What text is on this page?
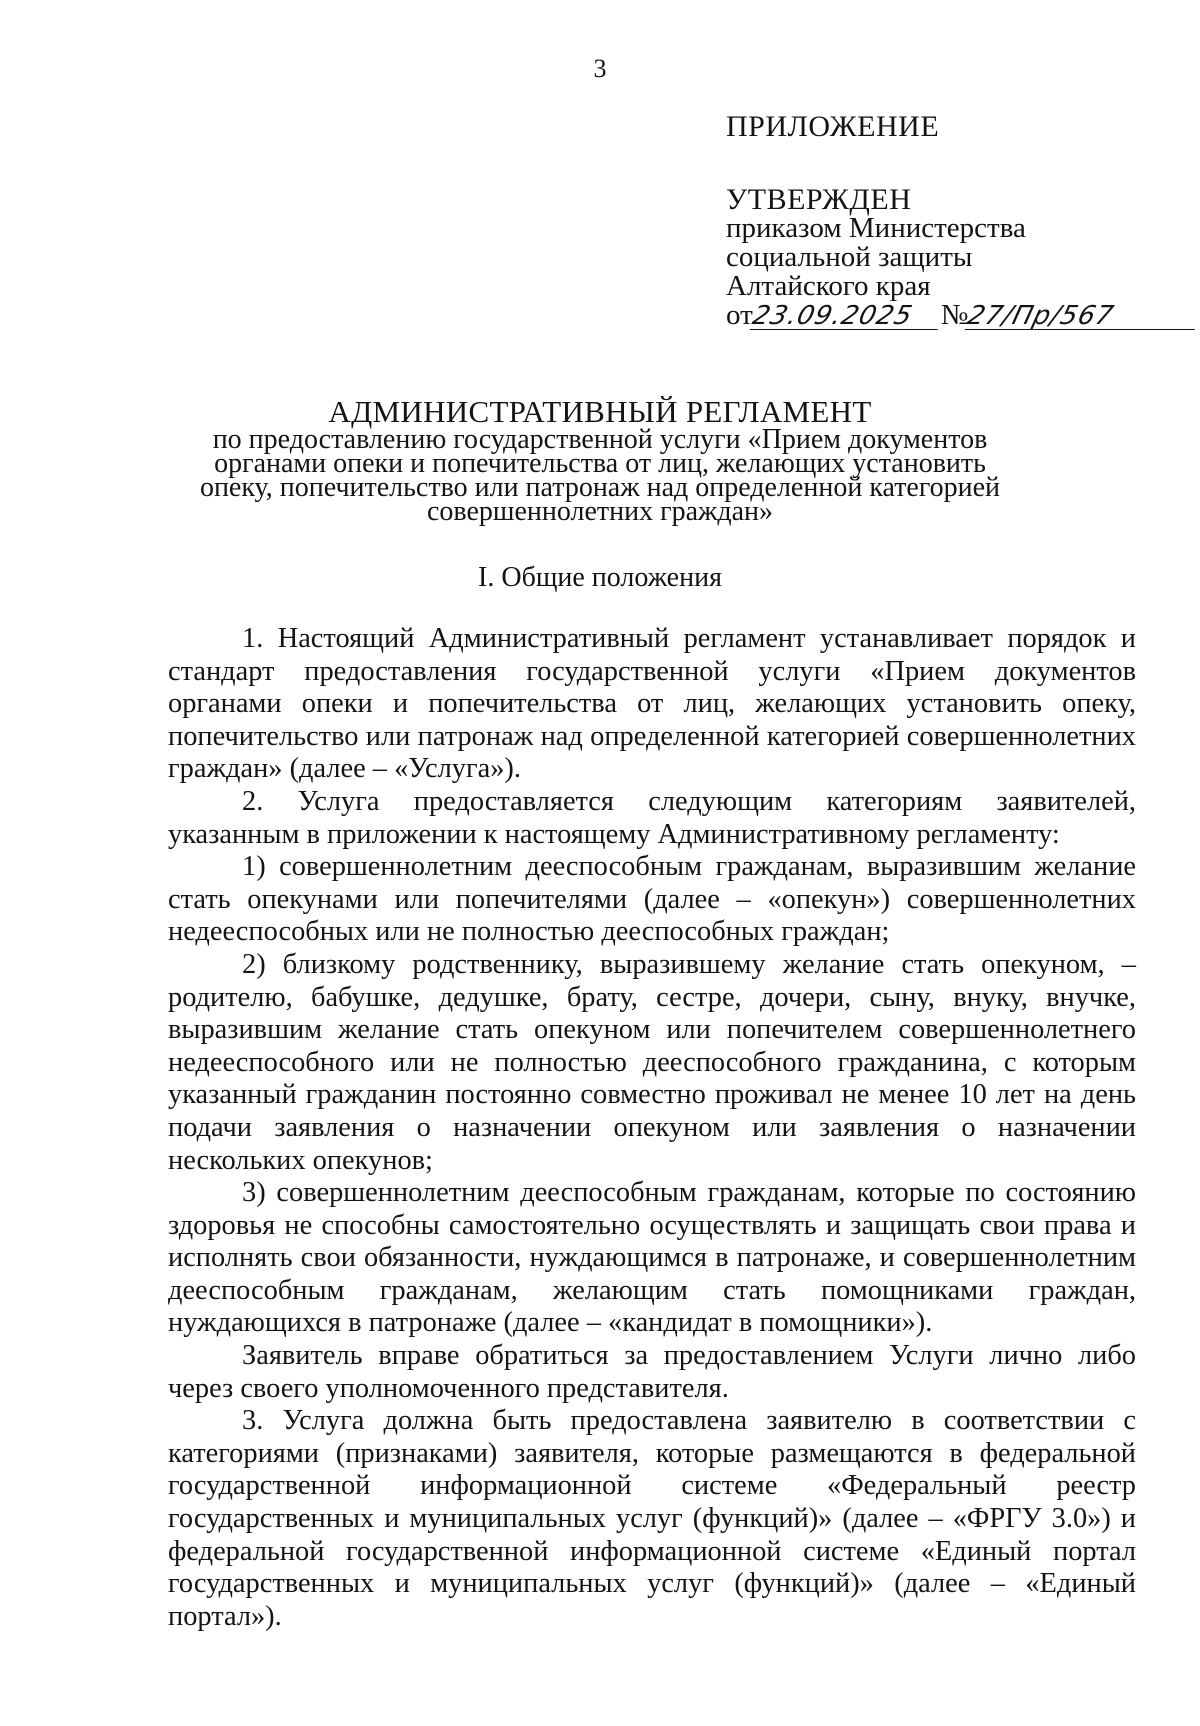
3
ПРИЛОЖЕНИЕ
УТВЕРЖДЕН
приказом Министерства
социальной защиты
Алтайского края
от23.09.2025 №27/Пр/567
АДМИНИСТРАТИВНЫЙ РЕГЛАМЕНТ
по предоставлению государственной услуги «Прием документов
органами опеки и попечительства от лиц, желающих установить
опеку, попечительство или патронаж над определенной категорией
совершеннолетних граждан»
I. Общие положения

1. Настоящий Административный регламент устанавливает порядок и стандарт предоставления государственной услуги «Прием документов органами опеки и попечительства от лиц, желающих установить опеку, попечительство или патронаж над определенной категорией совершеннолетних граждан» (далее – «Услуга»).

2. Услуга предоставляется следующим категориям заявителей, указанным в приложении к настоящему Административному регламенту:

1) совершеннолетним дееспособным гражданам, выразившим желание стать опекунами или попечителями (далее – «опекун») совершеннолетних недееспособных или не полностью дееспособных граждан;

2) близкому родственнику, выразившему желание стать опекуном, – родителю, бабушке, дедушке, брату, сестре, дочери, сыну, внуку, внучке, выразившим желание стать опекуном или попечителем совершеннолетнего недееспособного или не полностью дееспособного гражданина, с которым указанный гражданин постоянно совместно проживал не менее 10 лет на день подачи заявления о назначении опекуном или заявления о назначении нескольких опекунов;

3) совершеннолетним дееспособным гражданам, которые по состоянию здоровья не способны самостоятельно осуществлять и защищать свои права и исполнять свои обязанности, нуждающимся в патронаже, и совершеннолетним дееспособным гражданам, желающим стать помощниками граждан, нуждающихся в патронаже (далее – «кандидат в помощники»).

Заявитель вправе обратиться за предоставлением Услуги лично либо через своего уполномоченного представителя.

3. Услуга должна быть предоставлена заявителю в соответствии с категориями (признаками) заявителя, которые размещаются в федеральной государственной информационной системе «Федеральный реестр государственных и муниципальных услуг (функций)» (далее – «ФРГУ 3.0») и федеральной государственной информационной системе «Единый портал государственных и муниципальных услуг (функций)» (далее – «Единый портал»).
